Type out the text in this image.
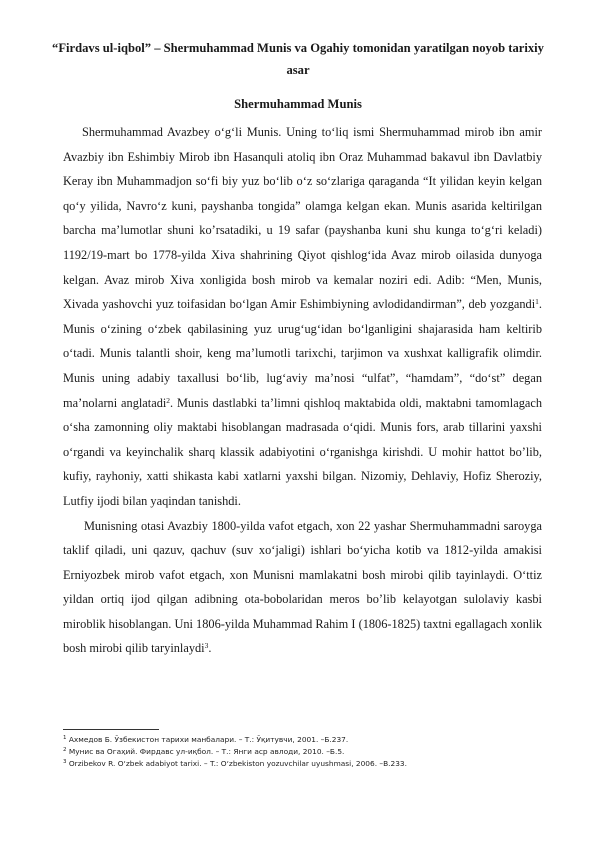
“Firdavs ul-iqbol” – Shermuhammad Munis va Ogahiy tomonidan yaratilgan noyob tarixiy asar
Shermuhammad Munis

Shermuhammad Avazbey o‘g‘li Munis. Uning to‘liq ismi Shermuhammad mirob ibn amir Avazbiy ibn Eshimbiy Mirob ibn Hasanquli atoliq ibn Oraz Muhammad bakavul ibn Davlatbiy Keray ibn Muhammadjon so‘fi biy yuz bo‘lib o‘z so‘zlariga qaraganda “It yilidan keyin kelgan qo‘y yilida, Navro‘z kuni, payshanba tongida” olamga kelgan ekan. Munis asarida keltirilgan barcha ma’lumotlar shuni ko’rsatadiki, u 19 safar (payshanba kuni shu kunga to‘g‘ri keladi) 1192/19-mart bo 1778-yilda Xiva shahrining Qiyot qishlog‘ida Avaz mirob oilasida dunyoga kelgan. Avaz mirob Xiva xonligida bosh mirob va kemalar noziri edi. Adib: “Men, Munis, Xivada yashovchi yuz toifasidan bo‘lgan Amir Eshimbiyning avlodidandirman”, deb yozgandi$^1$. Munis o‘zining o‘zbek qabilasining yuz urug‘ug‘idan bo‘lganligini shajarasida ham keltirib o‘tadi. Munis talantli shoir, keng ma’lumotli tarixchi, tarjimon va xushxat kalligrafik olimdir. Munis uning adabiy taxallusi bo‘lib, lug‘aviy ma’nosi “ulfat”, “hamdam”, “do‘st” degan ma’nolarni anglatadi$^2$. Munis dastlabki ta’limni qishloq maktabida oldi, maktabni tamomlagach o‘sha zamonning oliy maktabi hisoblangan madrasada o‘qidi. Munis fors, arab tillarini yaxshi o‘rgandi va keyinchalik sharq klassik adabiyotini o‘rganishga kirishdi. U mohir hattot bo’lib, kufiy, rayhoniy, xatti shikasta kabi xatlarni yaxshi bilgan. Nizomiy, Dehlaviy, Hofiz Sheroziy, Lutfiy ijodi bilan yaqindan tanishdi.

Munisning otasi Avazbiy 1800-yilda vafot etgach, xon 22 yashar Shermuhammadni saroyga taklif qiladi, uni qazuv, qachuv (suv xo‘jaligi) ishlari bo‘yicha kotib va 1812-yilda amakisi Erniyozbek mirob vafot etgach, xon Munisni mamlakatni bosh mirobi qilib tayinlaydi. O‘ttiz yildan ortiq ijod qilgan adibning ota-bobolaridan meros bo’lib kelayotgan sulolaviy kasbi miroblik hisoblangan. Uni 1806-yilda Muhammad Rahim I (1806-1825) taxtni egallagach xonlik bosh mirobi qilib taryinlaydi$^3$.

$^1$ Ахмедов Б. Ўзбекистон тарихи манбалари. – Т.: Ўқитувчи, 2001. –Б.237.
$^2$ Мунис ва Огаҳий. Фирдавс ул-иқбол. – Т.: Янги аср авлоди, 2010. –Б.5.
$^3$ Orzibekov R. O‘zbek adabiyot tarixi. – T.: O‘zbekiston yozuvchilar uyushmasi, 2006. –B.233.
